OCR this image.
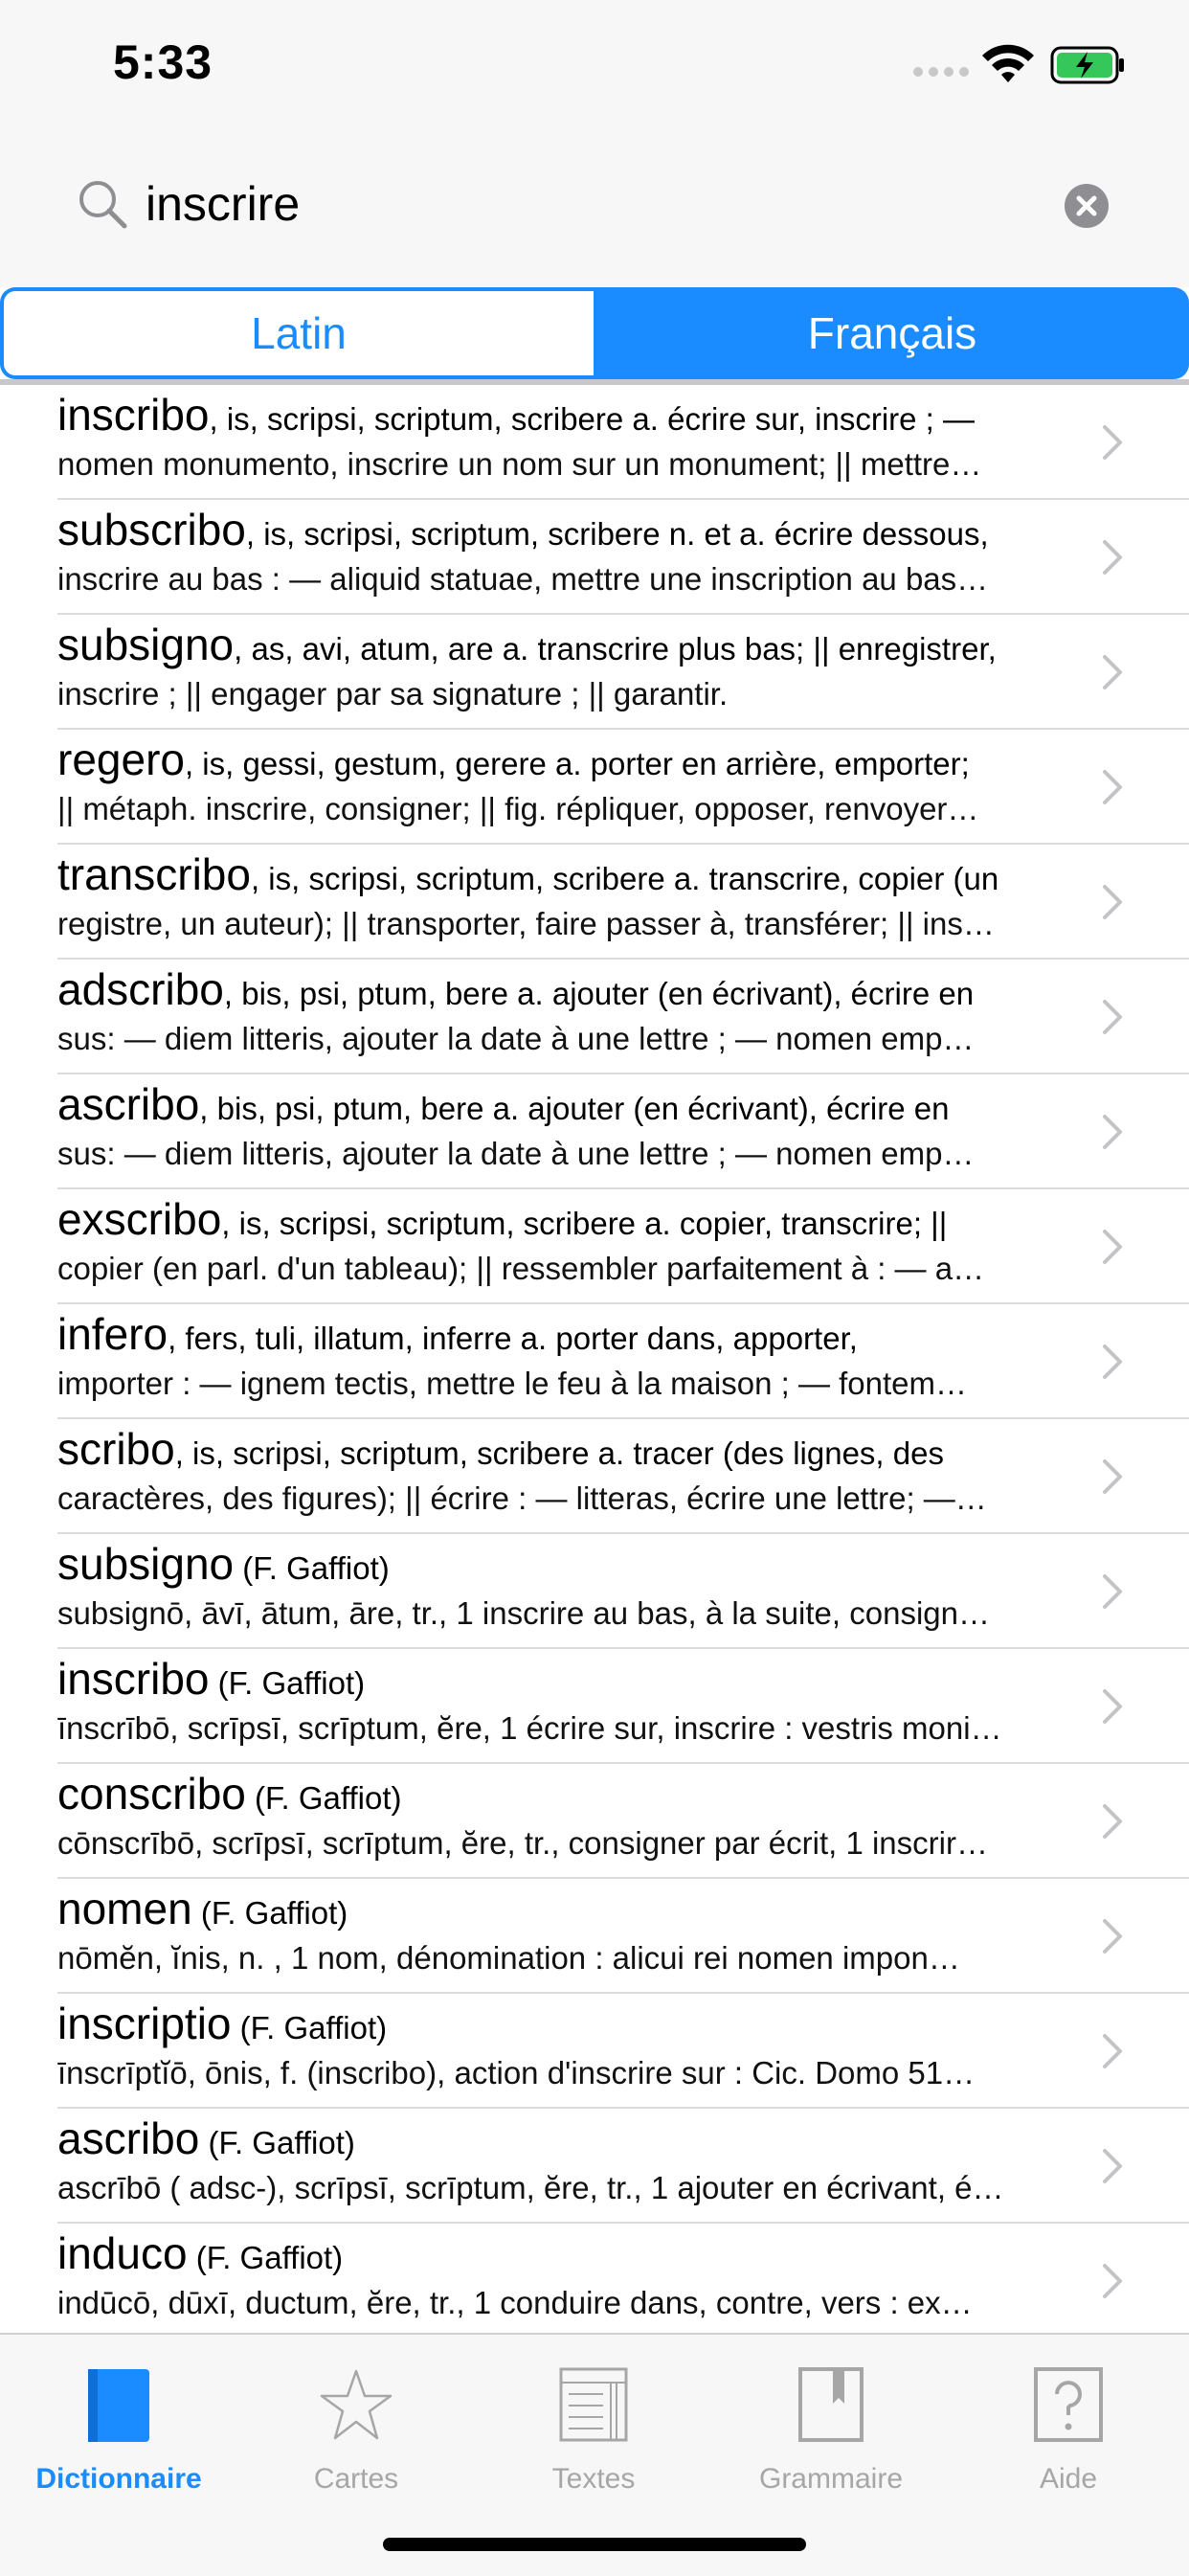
5:33
inscrire
Latin	Français
inscribo, is, scripsi, scriptum, scribere a. écrire sur, inscrire ; —
nomen monumento, inscrire un nom sur un monument; || mettre…
subscribo, is, scripsi, scriptum, scribere n. et a. écrire dessous,
inscrire au bas : — aliquid statuae, mettre une inscription au bas…
subsigno, as, avi, atum, are a. transcrire plus bas; || enregistrer,
inscrire ; || engager par sa signature ; || garantir.
regero, is, gessi, gestum, gerere a. porter en arrière, emporter;
|| métaph. inscrire, consigner; || fig. répliquer, opposer, renvoyer…
transcribo, is, scripsi, scriptum, scribere a. transcrire, copier (un
registre, un auteur); || transporter, faire passer à, transférer; || ins…
adscribo, bis, psi, ptum, bere a. ajouter (en écrivant), écrire en
sus: — diem litteris, ajouter la date à une lettre ; — nomen emp…
ascribo, bis, psi, ptum, bere a. ajouter (en écrivant), écrire en
sus: — diem litteris, ajouter la date à une lettre ; — nomen emp…
exscribo, is, scripsi, scriptum, scribere a. copier, transcrire; ||
copier (en parl. d'un tableau); || ressembler parfaitement à : — a…
infero, fers, tuli, illatum, inferre a. porter dans, apporter,
importer : — ignem tectis, mettre le feu à la maison ; — fontem…
scribo, is, scripsi, scriptum, scribere a. tracer (des lignes, des
caractères, des figures); || écrire : — litteras, écrire une lettre; —…
subsigno (F. Gaffiot)
subsignō, āvī, ātum, āre, tr., 1 inscrire au bas, à la suite, consign…
inscribo (F. Gaffiot)
īnscrībō, scrīpsī, scrīptum, ĕre, 1 écrire sur, inscrire : vestris moni…
conscribo (F. Gaffiot)
cōnscrībō, scrīpsī, scrīptum, ĕre, tr., consigner par écrit, 1 inscrir…
nomen (F. Gaffiot)
nōmĕn, ĭnis, n. , 1 nom, dénomination : alicui rei nomen impon…
inscriptio (F. Gaffiot)
īnscrīptĭō, ōnis, f. (inscribo), action d'inscrire sur : Cic. Domo 51…
ascribo (F. Gaffiot)
ascrībō ( adsc-), scrīpsī, scrīptum, ĕre, tr., 1 ajouter en écrivant, é…
induco (F. Gaffiot)
indūcō, dūxī, ductum, ĕre, tr., 1 conduire dans, contre, vers : ex…
Dictionnaire	Cartes	Textes	Grammaire	Aide
